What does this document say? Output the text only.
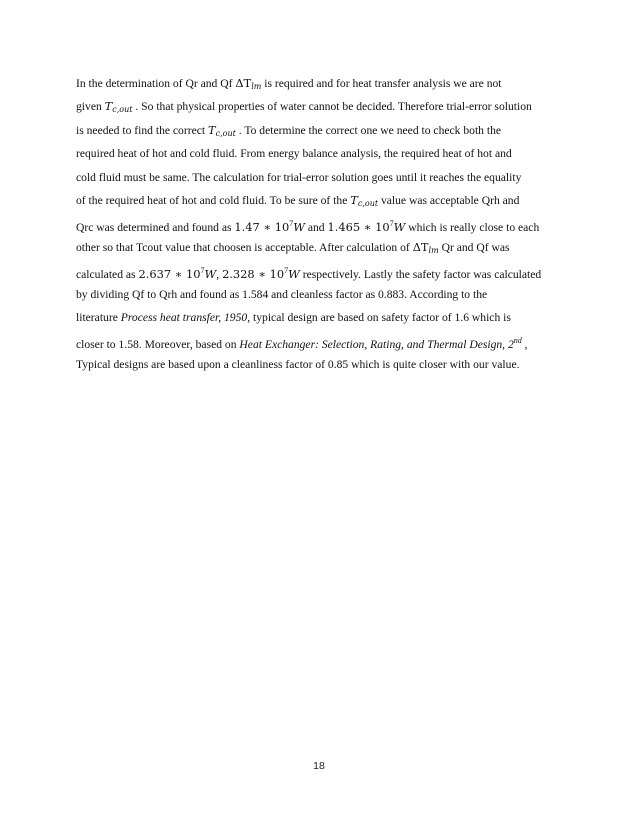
In the determination of Qr and Qf $\Delta T_{lm}$ is required and for heat transfer analysis we are not
given $T_{c,out}$ . So that physical properties of water cannot be decided. Therefore trial-error solution
is needed to find the correct $T_{c,out}$ . To determine the correct one we need to check both the
required heat of hot and cold fluid. From energy balance analysis, the required heat of hot and
cold fluid must be same. The calculation for trial-error solution goes until it reaches the equality
of the required heat of hot and cold fluid. To be sure of the $T_{c,out}$ value was acceptable Qrh and
Qrc was determined and found as 1.47 ∗ $10^7W$ and 1.465 ∗ $10^7W$ which is really close to each
other so that Tcout value that choosen is acceptable. After calculation of $\Delta T_{lm}$ Qr and Qf was
calculated as 2.637 ∗ $10^7W$, 2.328 ∗ $10^7W$ respectively. Lastly the safety factor was calculated
by dividing Qf to Qrh and found as 1.584 and cleanless factor as 0.883. According to the
literature Process heat transfer, 1950, typical design are based on safety factor of 1.6 which is
closer to 1.58. Moreover, based on Heat Exchanger: Selection, Rating, and Thermal Design, 2nd ,
Typical designs are based upon a cleanliness factor of 0.85 which is quite closer with our value.
18
